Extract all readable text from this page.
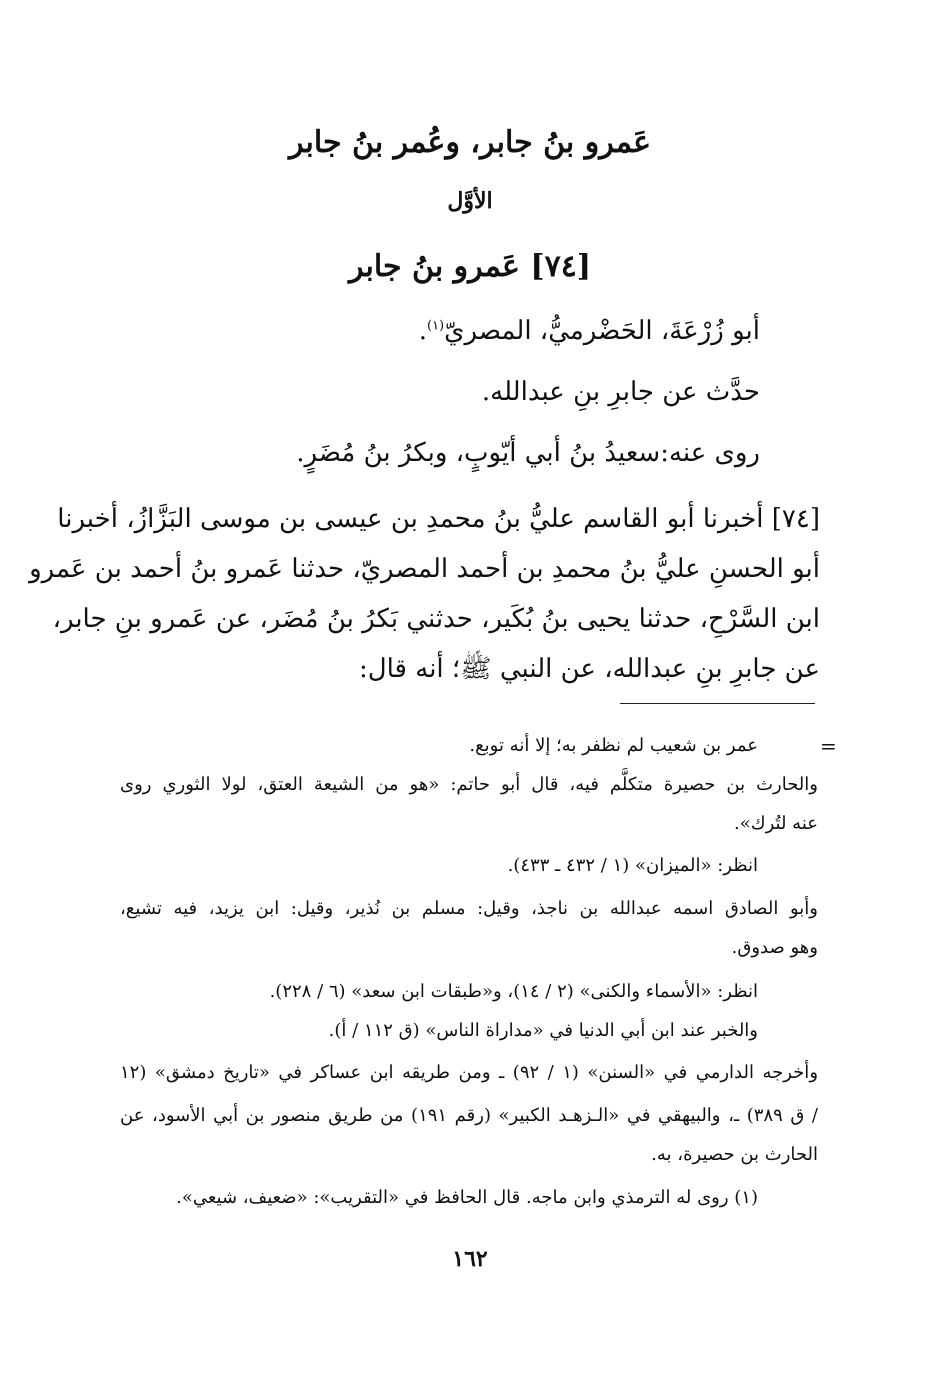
عَمرو بنُ جابر، وعُمر بنُ جابر
الأوَّل
[٧٤] عَمرو بنُ جابر
أبو زُرْعَةَ، الحَضْرميُّ، المصريّ$^{(١)}$.
حدَّث عن جابرِ بنِ عبدالله.
روى عنه:سعيدُ بنُ أبي أيّوبٍ، وبكرُ بنُ مُضَرٍ.
[٧٤] أخبرنا أبو القاسم عليُّ بنُ محمدِ بن عيسى بن موسى البَزَّازُ، أخبرنا
أبو الحسنِ عليُّ بنُ محمدِ بن أحمد المصريّ، حدثنا عَمرو بنُ أحمد بن عَمرو
ابن السَّرْحِ، حدثنا يحيى بنُ بُكَير، حدثني بَكرُ بنُ مُضَر، عن عَمرو بنِ جابر،
عن جابرِ بنِ عبدالله، عن النبي ﷺ؛ أنه قال:
=
عمر بن شعيب لم نظفر به؛ إلا أنه توبع.
والحارث بن حصيرة متكلَّم فيه، قال أبو حاتم: «هو من الشيعة العتق، لولا الثوري روى
عنه لتُرك».
انظر: «الميزان» (١ / ٤٣٢ ـ ٤٣٣).
وأبو الصادق اسمه عبدالله بن ناجذ، وقيل: مسلم بن نُذير، وقيل: ابن يزيد، فيه تشيع،
وهو صدوق.
انظر: «الأسماء والكنى» (٢ / ١٤)، و«طبقات ابن سعد» (٦ / ٢٢٨).
والخبر عند ابن أبي الدنيا في «مداراة الناس» (ق ١١٢ / أ).
وأخرجه الدارمي في «السنن» (١ / ٩٢) ـ ومن طريقه ابن عساكر في «تاريخ دمشق» (١٢
/ ق ٣٨٩) ـ، والبيهقي في «الـزهـد الكبير» (رقم ١٩١) من طريق منصور بن أبي الأسود، عن
الحارث بن حصيرة، به.
(١) روى له الترمذي وابن ماجه. قال الحافظ في «التقريب»: «ضعيف، شيعي».
١٦٢
